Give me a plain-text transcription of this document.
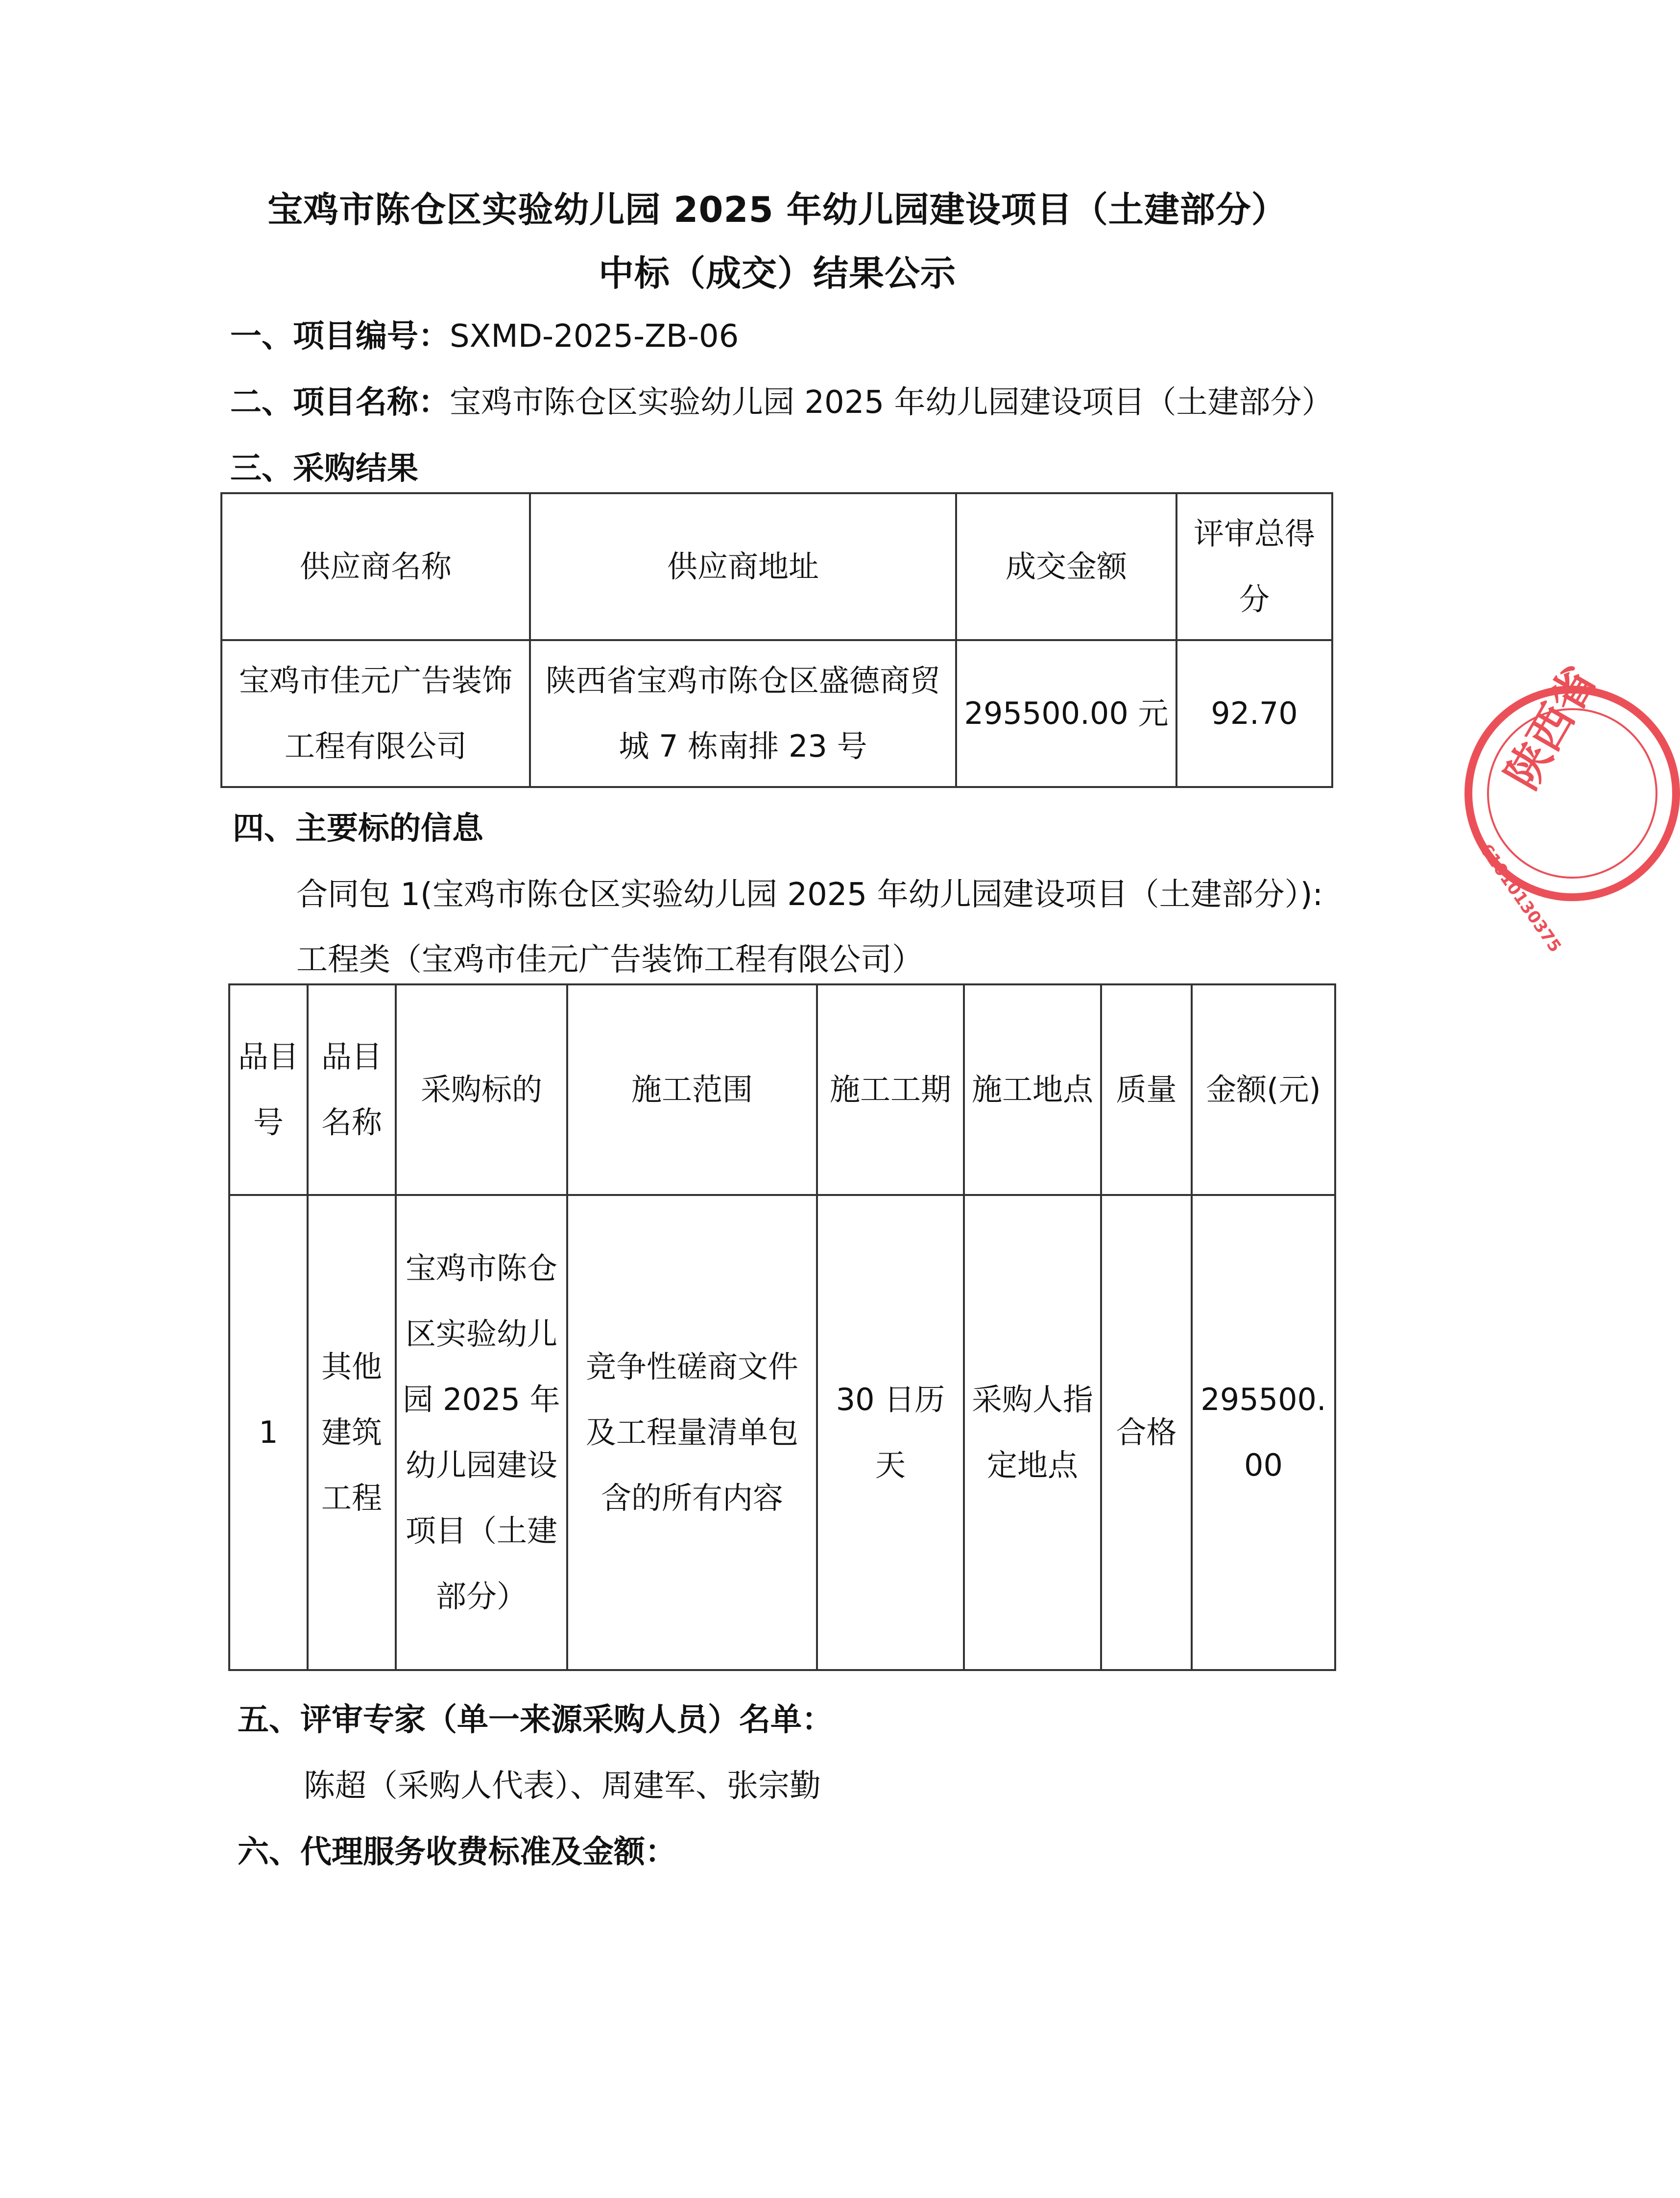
宝鸡市陈仓区实验幼儿园 2025 年幼儿园建设项目（土建部分）
中标（成交）结果公示
一、项目编号：SXMD-2025-ZB-06
二、项目名称：宝鸡市陈仓区实验幼儿园 2025 年幼儿园建设项目（土建部分）
三、采购结果
供应商名称	供应商地址	成交金额	评审总得分
宝鸡市佳元广告装饰工程有限公司	陕西省宝鸡市陈仓区盛德商贸城 7 栋南排 23 号	295500.00 元	92.70
四、主要标的信息
合同包 1(宝鸡市陈仓区实验幼儿园 2025 年幼儿园建设项目（土建部分）):
工程类（宝鸡市佳元广告装饰工程有限公司）
品目号	品目名称	采购标的	施工范围	施工工期	施工地点	质量	金额(元)
1	其他建筑工程	宝鸡市陈仓区实验幼儿园 2025 年幼儿园建设项目（土建部分）	竞争性磋商文件及工程量清单包含的所有内容	30 日历天	采购人指定地点	合格	295500.00
五、评审专家（单一来源采购人员）名单：
陈超（采购人代表）、周建军、张宗勤
六、代理服务收费标准及金额：
陕西省
61010130375
